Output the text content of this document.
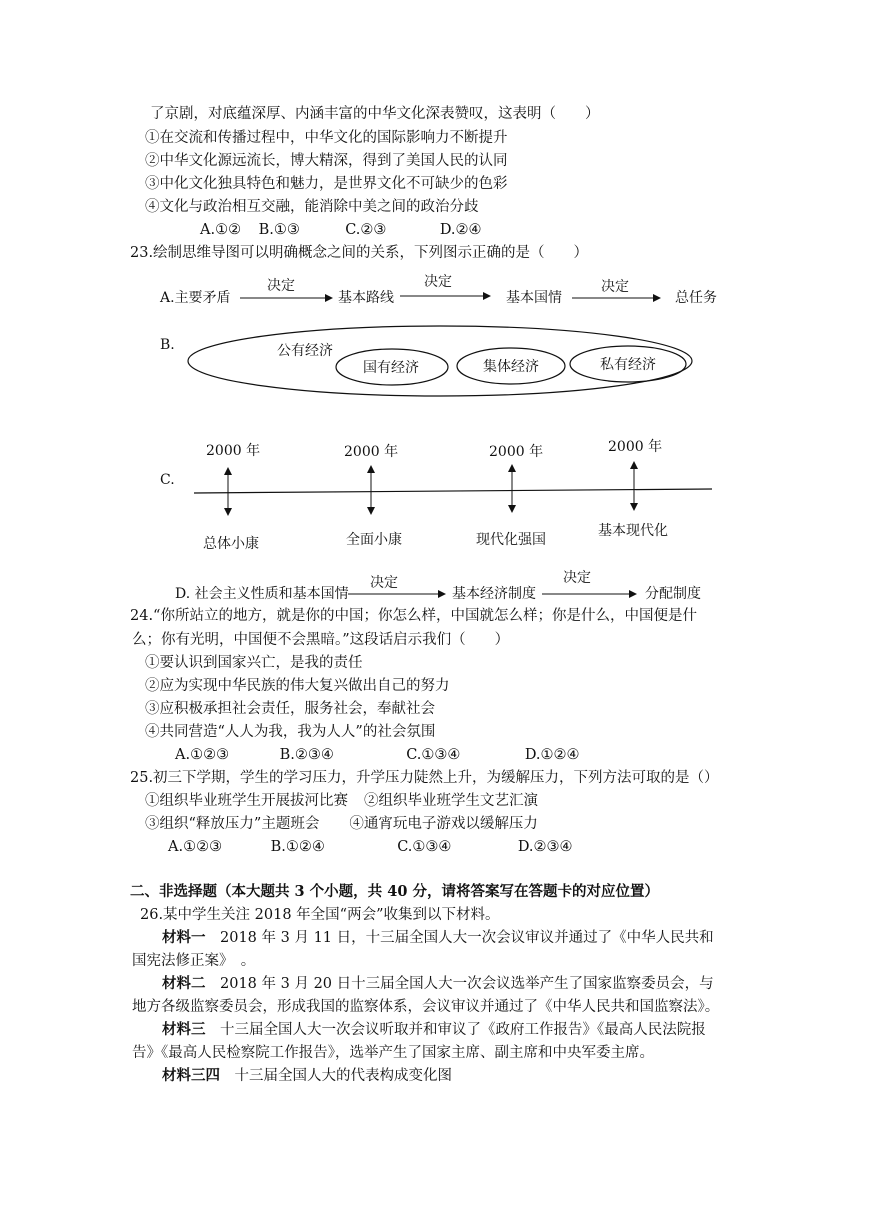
了京剧，对底蕴深厚、内涵丰富的中华文化深表赞叹，这表明（　　）
①在交流和传播过程中，中华文化的国际影响力不断提升
②中华文化源远流长，博大精深，得到了美国人民的认同
③中化文化独具特色和魅力，是世界文化不可缺少的色彩
④文化与政治相互交融，能消除中美之间的政治分歧
A.①② B.①③	C.②③	D.②④
23.绘制思维导图可以明确概念之间的关系，下列图示正确的是（　　）
A.主要矛盾
决定
基本路线
决定
基本国情
决定
总任务
B.	公有经济
国有经济	集体经济	私有经济
C.
2000 年
总体小康
2000 年
全面小康
2000 年
现代化强国
2000 年
基本现代化
D. 社会主义性质和基本国情
决定
基本经济制度
决定
分配制度
24.“你所站立的地方，就是你的中国；你怎么样，中国就怎么样；你是什么，中国便是什
么；你有光明，中国便不会黑暗。”这段话启示我们（　　）
①要认识到国家兴亡，是我的责任
②应为实现中华民族的伟大复兴做出自己的努力
③应积极承担社会责任，服务社会，奉献社会
④共同营造“人人为我，我为人人”的社会氛围
A.①②③	B.②③④	C.①③④	D.①②④
25.初三下学期，学生的学习压力，升学压力陡然上升，为缓解压力，下列方法可取的是（）
①组织毕业班学生开展拔河比赛 ②组织毕业班学生文艺汇演
③组织“释放压力”主题班会 ④通宵玩电子游戏以缓解压力
A.①②③	B.①②④	C.①③④	D.②③④
二、非选择题（本大题共 3 个小题，共 40 分，请将答案写在答题卡的对应位置）
26.某中学生关注 2018 年全国“两会”收集到以下材料。
材料一　2018 年 3 月 11 日，十三届全国人大一次会议审议并通过了《中华人民共和
国宪法修正案》　。
材料二　2018 年 3 月 20 日十三届全国人大一次会议选举产生了国家监察委员会，与
地方各级监察委员会，形成我国的监察体系，会议审议并通过了《中华人民共和国监察法》。
材料三　十三届全国人大一次会议听取并和审议了《政府工作报告》《最高人民法院报
告》《最高人民检察院工作报告》，选举产生了国家主席、副主席和中央军委主席。
材料三四　十三届全国人大的代表构成变化图
